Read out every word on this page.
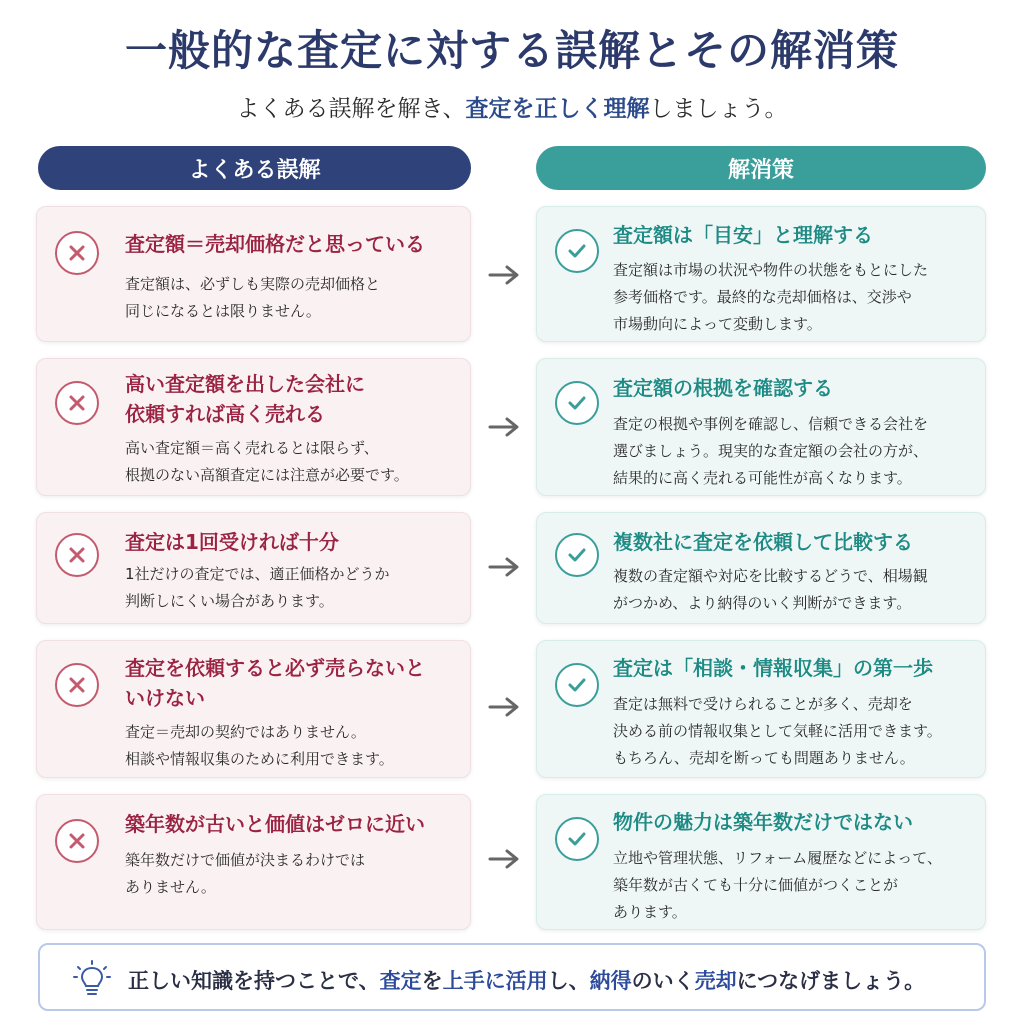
一般的な査定に対する誤解とその解消策
よくある誤解を解き、査定を正しく理解しましょう。
よくある誤解	解消策
査定額＝売却価格だと思っている
査定額は、必ずしも実際の売却価格と
同じになるとは限りません。
査定額は「目安」と理解する
査定額は市場の状況や物件の状態をもとにした
参考価格です。最終的な売却価格は、交渉や
市場動向によって変動します。
高い査定額を出した会社に
依頼すれば高く売れる
高い査定額＝高く売れるとは限らず、
根拠のない高額査定には注意が必要です。
査定額の根拠を確認する
査定の根拠や事例を確認し、信頼できる会社を
選びましょう。現実的な査定額の会社の方が、
結果的に高く売れる可能性が高くなります。
査定は1回受ければ十分
1社だけの査定では、適正価格かどうか
判断しにくい場合があります。
複数社に査定を依頼して比較する
複数の査定額や対応を比較するどうで、相場観
がつかめ、より納得のいく判断ができます。
査定を依頼すると必ず売らないと
いけない
査定＝売却の契約ではありません。
相談や情報収集のために利用できます。
査定は「相談・情報収集」の第一歩
査定は無料で受けられることが多く、売却を
決める前の情報収集として気軽に活用できます。
もちろん、売却を断っても問題ありません。
築年数が古いと価値はゼロに近い
築年数だけで価値が決まるわけでは
ありません。
物件の魅力は築年数だけではない
立地や管理状態、リフォーム履歴などによって、
築年数が古くても十分に価値がつくことが
あります。
正しい知識を持つことで、査定を上手に活用し、納得のいく売却につなげましょう。
